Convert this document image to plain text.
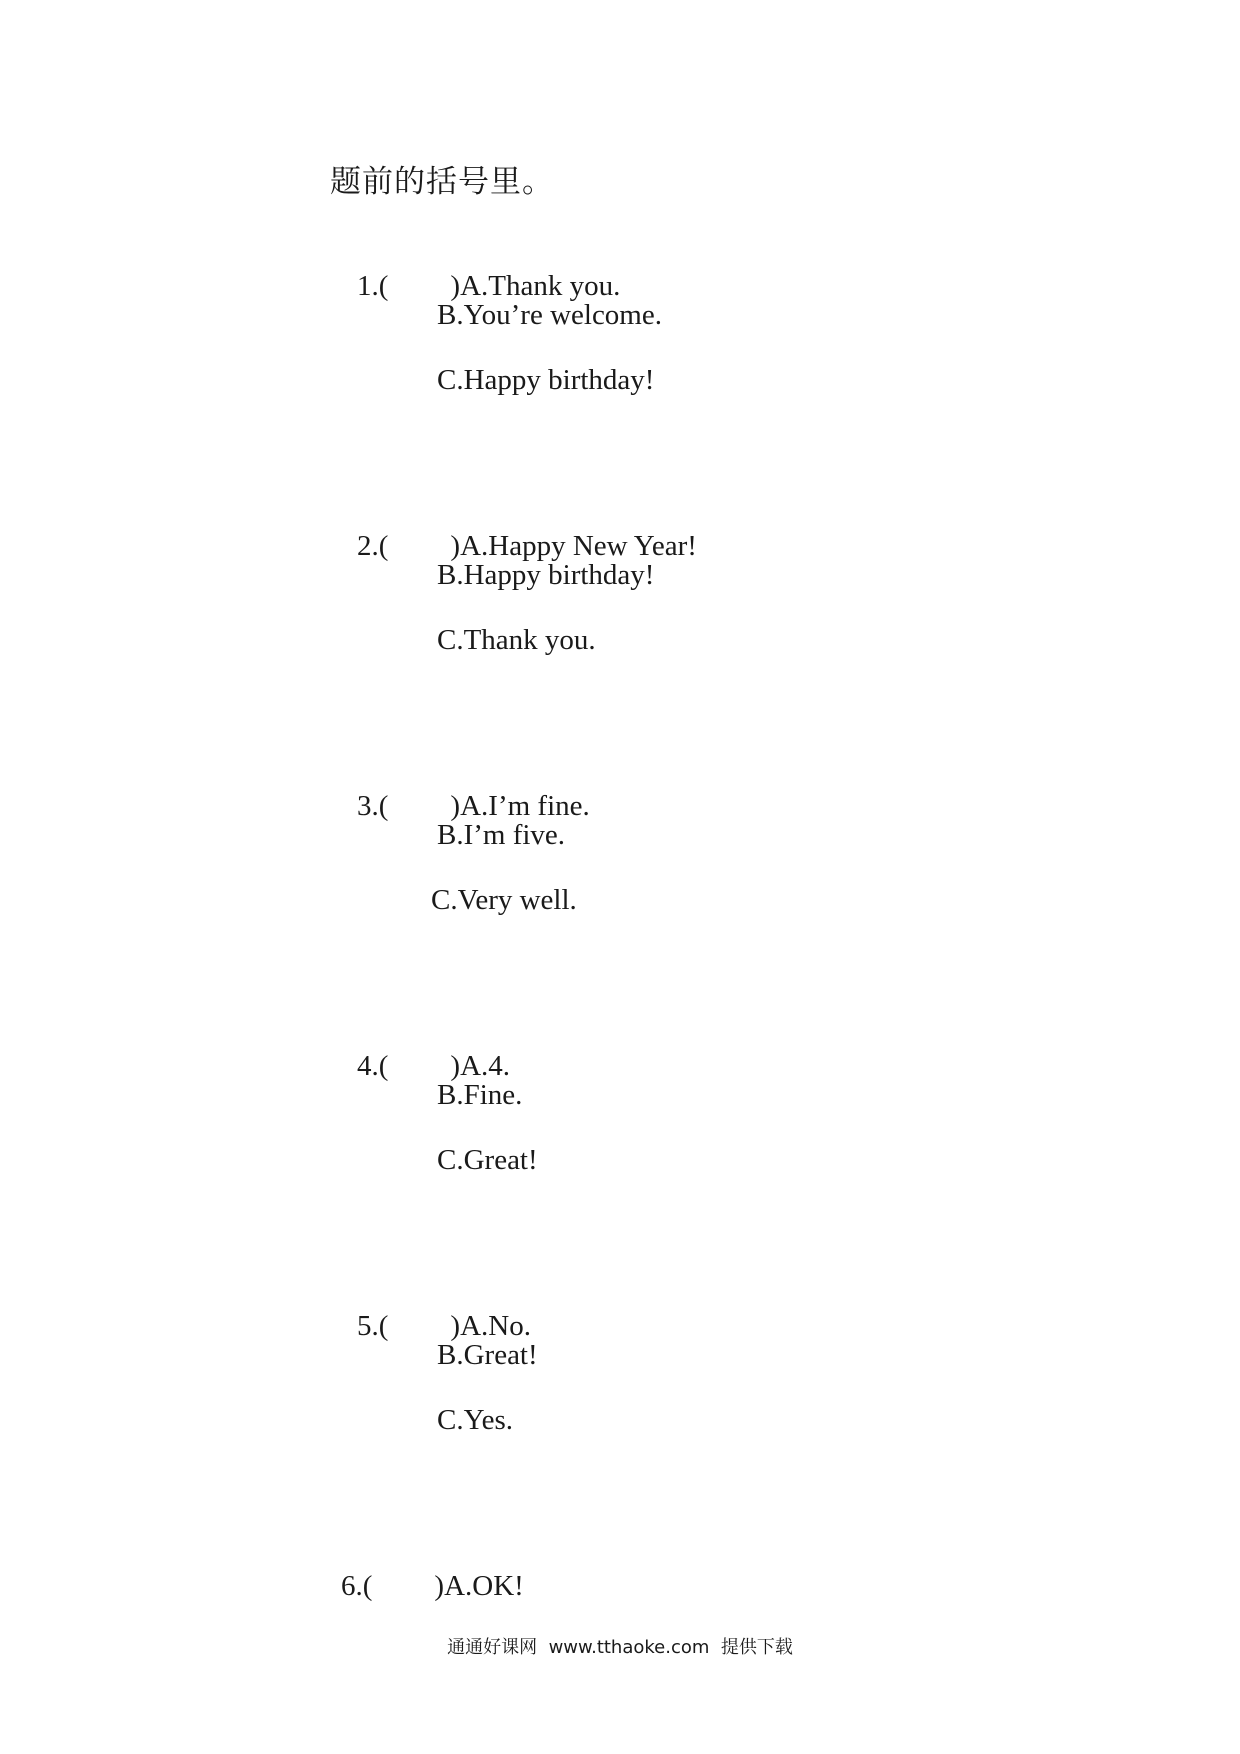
题前的括号里。

1.( )A.Thank you.

B.You’re welcome.
C.Happy birthday!

2.( )A.Happy New Year!

B.Happy birthday!
C.Thank you.

3.( )A.I’m fine.

B.I’m five.
C.Very well.

4.( )A.4.

B.Fine.
C.Great!

5.( )A.No.

B.Great!
C.Yes.

6.( )A.OK!

通通好课网  www.tthaoke.com  提供下载
